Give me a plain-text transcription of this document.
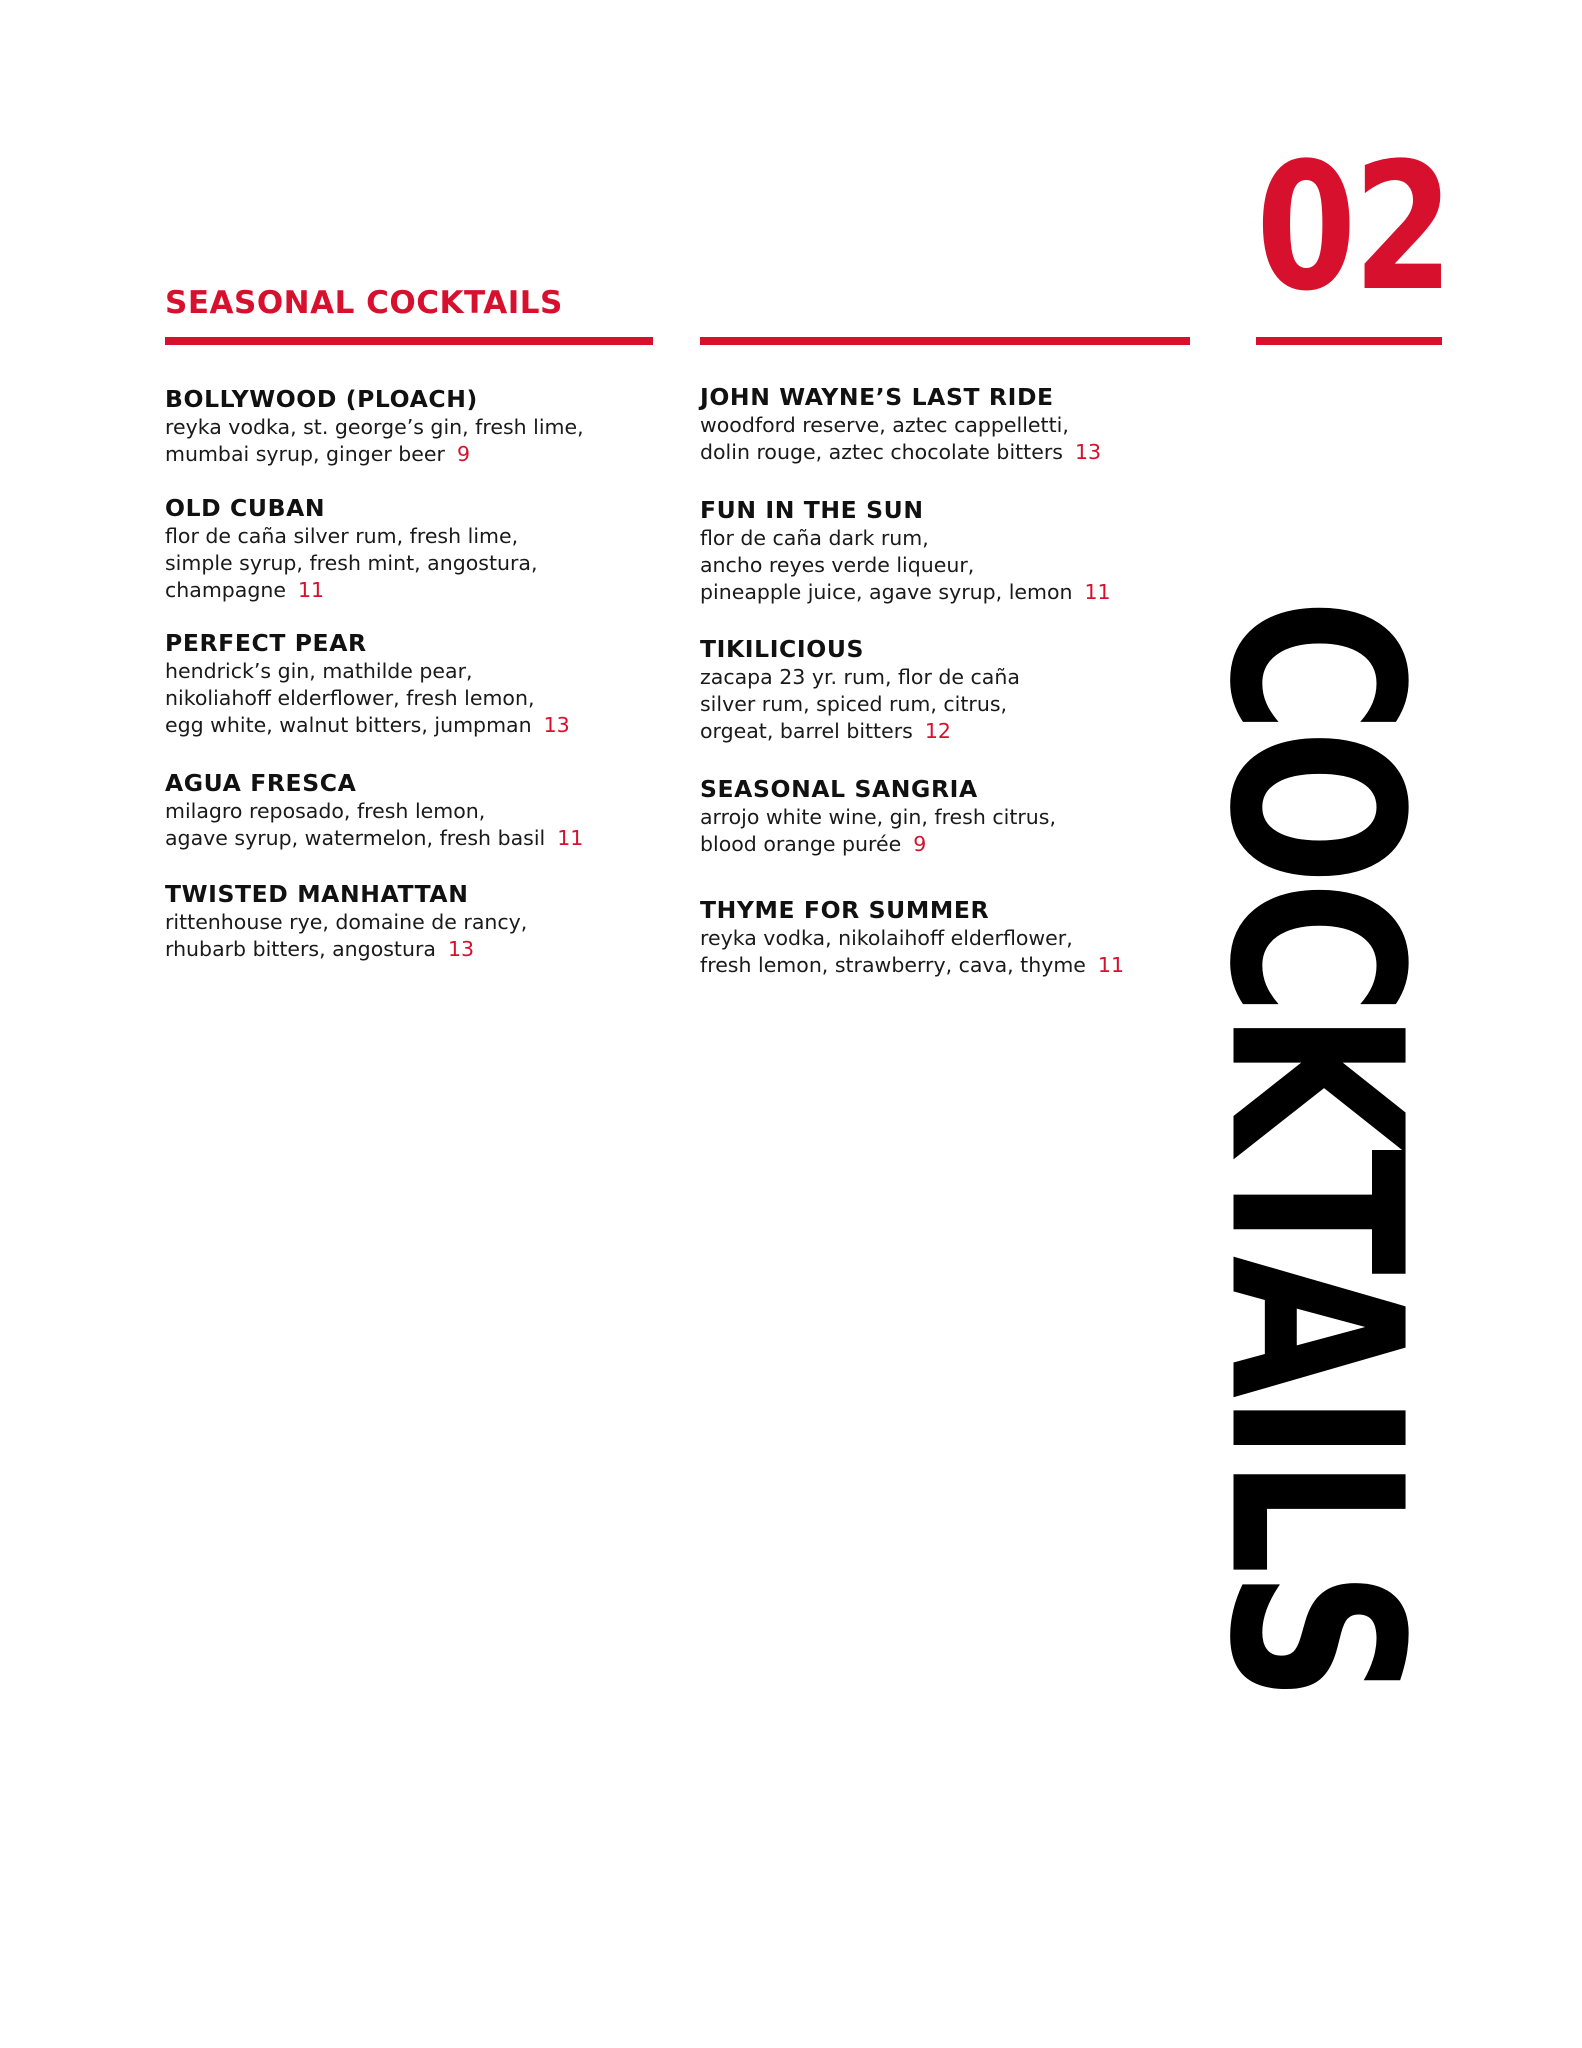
SEASONAL COCKTAILS	02
COCKTAILS

BOLLYWOOD (PLOACH)

reyka vodka, st. george’s gin, fresh lime,
mumbai syrup, ginger beer 9

OLD CUBAN

flor de caña silver rum, fresh lime,
simple syrup, fresh mint, angostura,
champagne 11

PERFECT PEAR

hendrick’s gin, mathilde pear,
nikoliahoff elderflower, fresh lemon,
egg white, walnut bitters, jumpman 13

AGUA FRESCA

milagro reposado, fresh lemon,
agave syrup, watermelon, fresh basil 11

TWISTED MANHATTAN

rittenhouse rye, domaine de rancy,
rhubarb bitters, angostura 13

JOHN WAYNE’S LAST RIDE

woodford reserve, aztec cappelletti,
dolin rouge, aztec chocolate bitters 13

FUN IN THE SUN

flor de caña dark rum,
ancho reyes verde liqueur,
pineapple juice, agave syrup, lemon 11

TIKILICIOUS

zacapa 23 yr. rum, flor de caña
silver rum, spiced rum, citrus,
orgeat, barrel bitters 12

SEASONAL SANGRIA

arrojo white wine, gin, fresh citrus,
blood orange purée 9

THYME FOR SUMMER

reyka vodka, nikolaihoff elderflower,
fresh lemon, strawberry, cava, thyme 11
